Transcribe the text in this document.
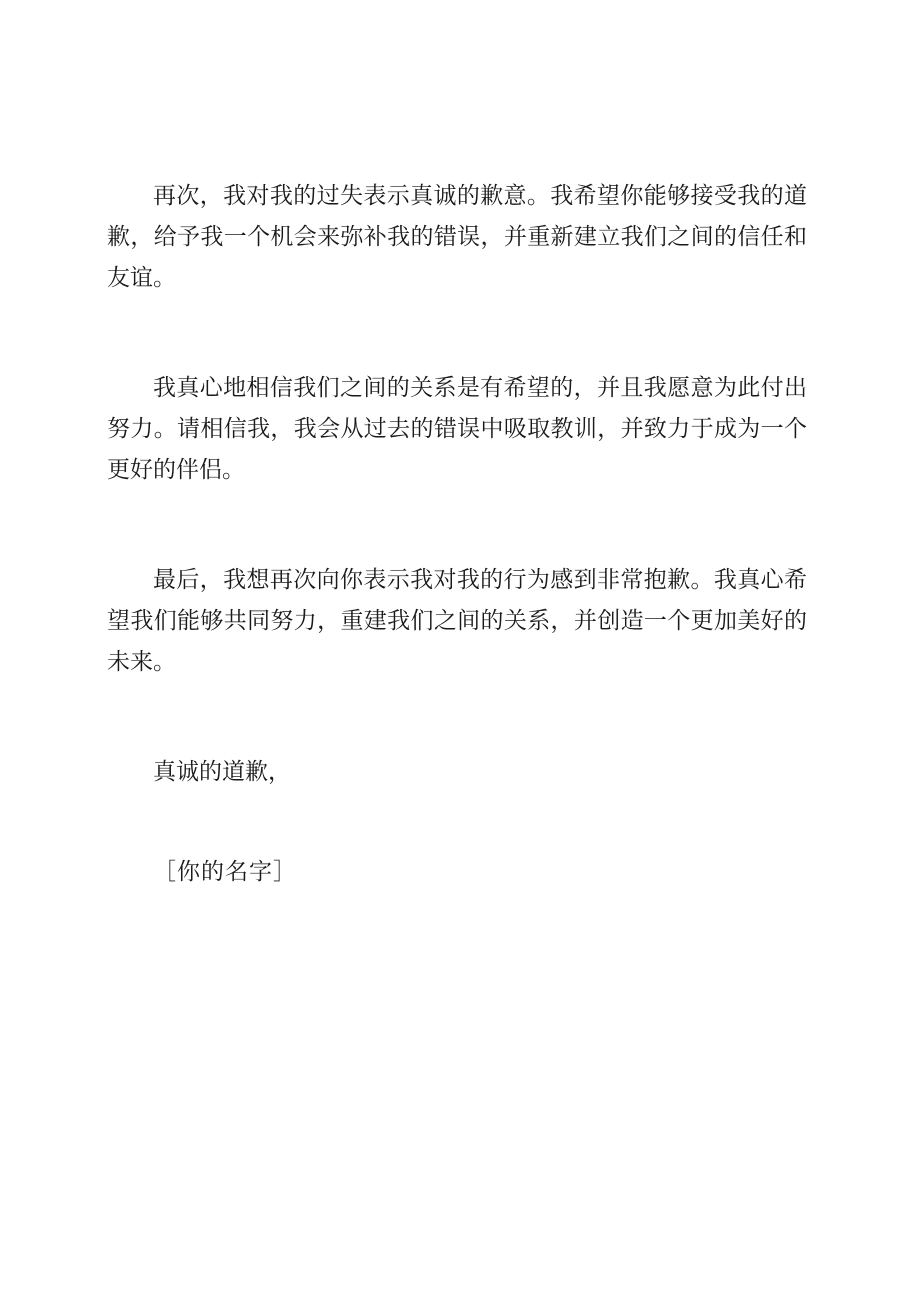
再次，我对我的过失表示真诚的歉意。我希望你能够接受我的道歉，给予我一个机会来弥补我的错误，并重新建立我们之间的信任和友谊。

我真心地相信我们之间的关系是有希望的，并且我愿意为此付出努力。请相信我，我会从过去的错误中吸取教训，并致力于成为一个更好的伴侣。

最后，我想再次向你表示我对我的行为感到非常抱歉。我真心希望我们能够共同努力，重建我们之间的关系，并创造一个更加美好的未来。

真诚的道歉，

［你的名字］
